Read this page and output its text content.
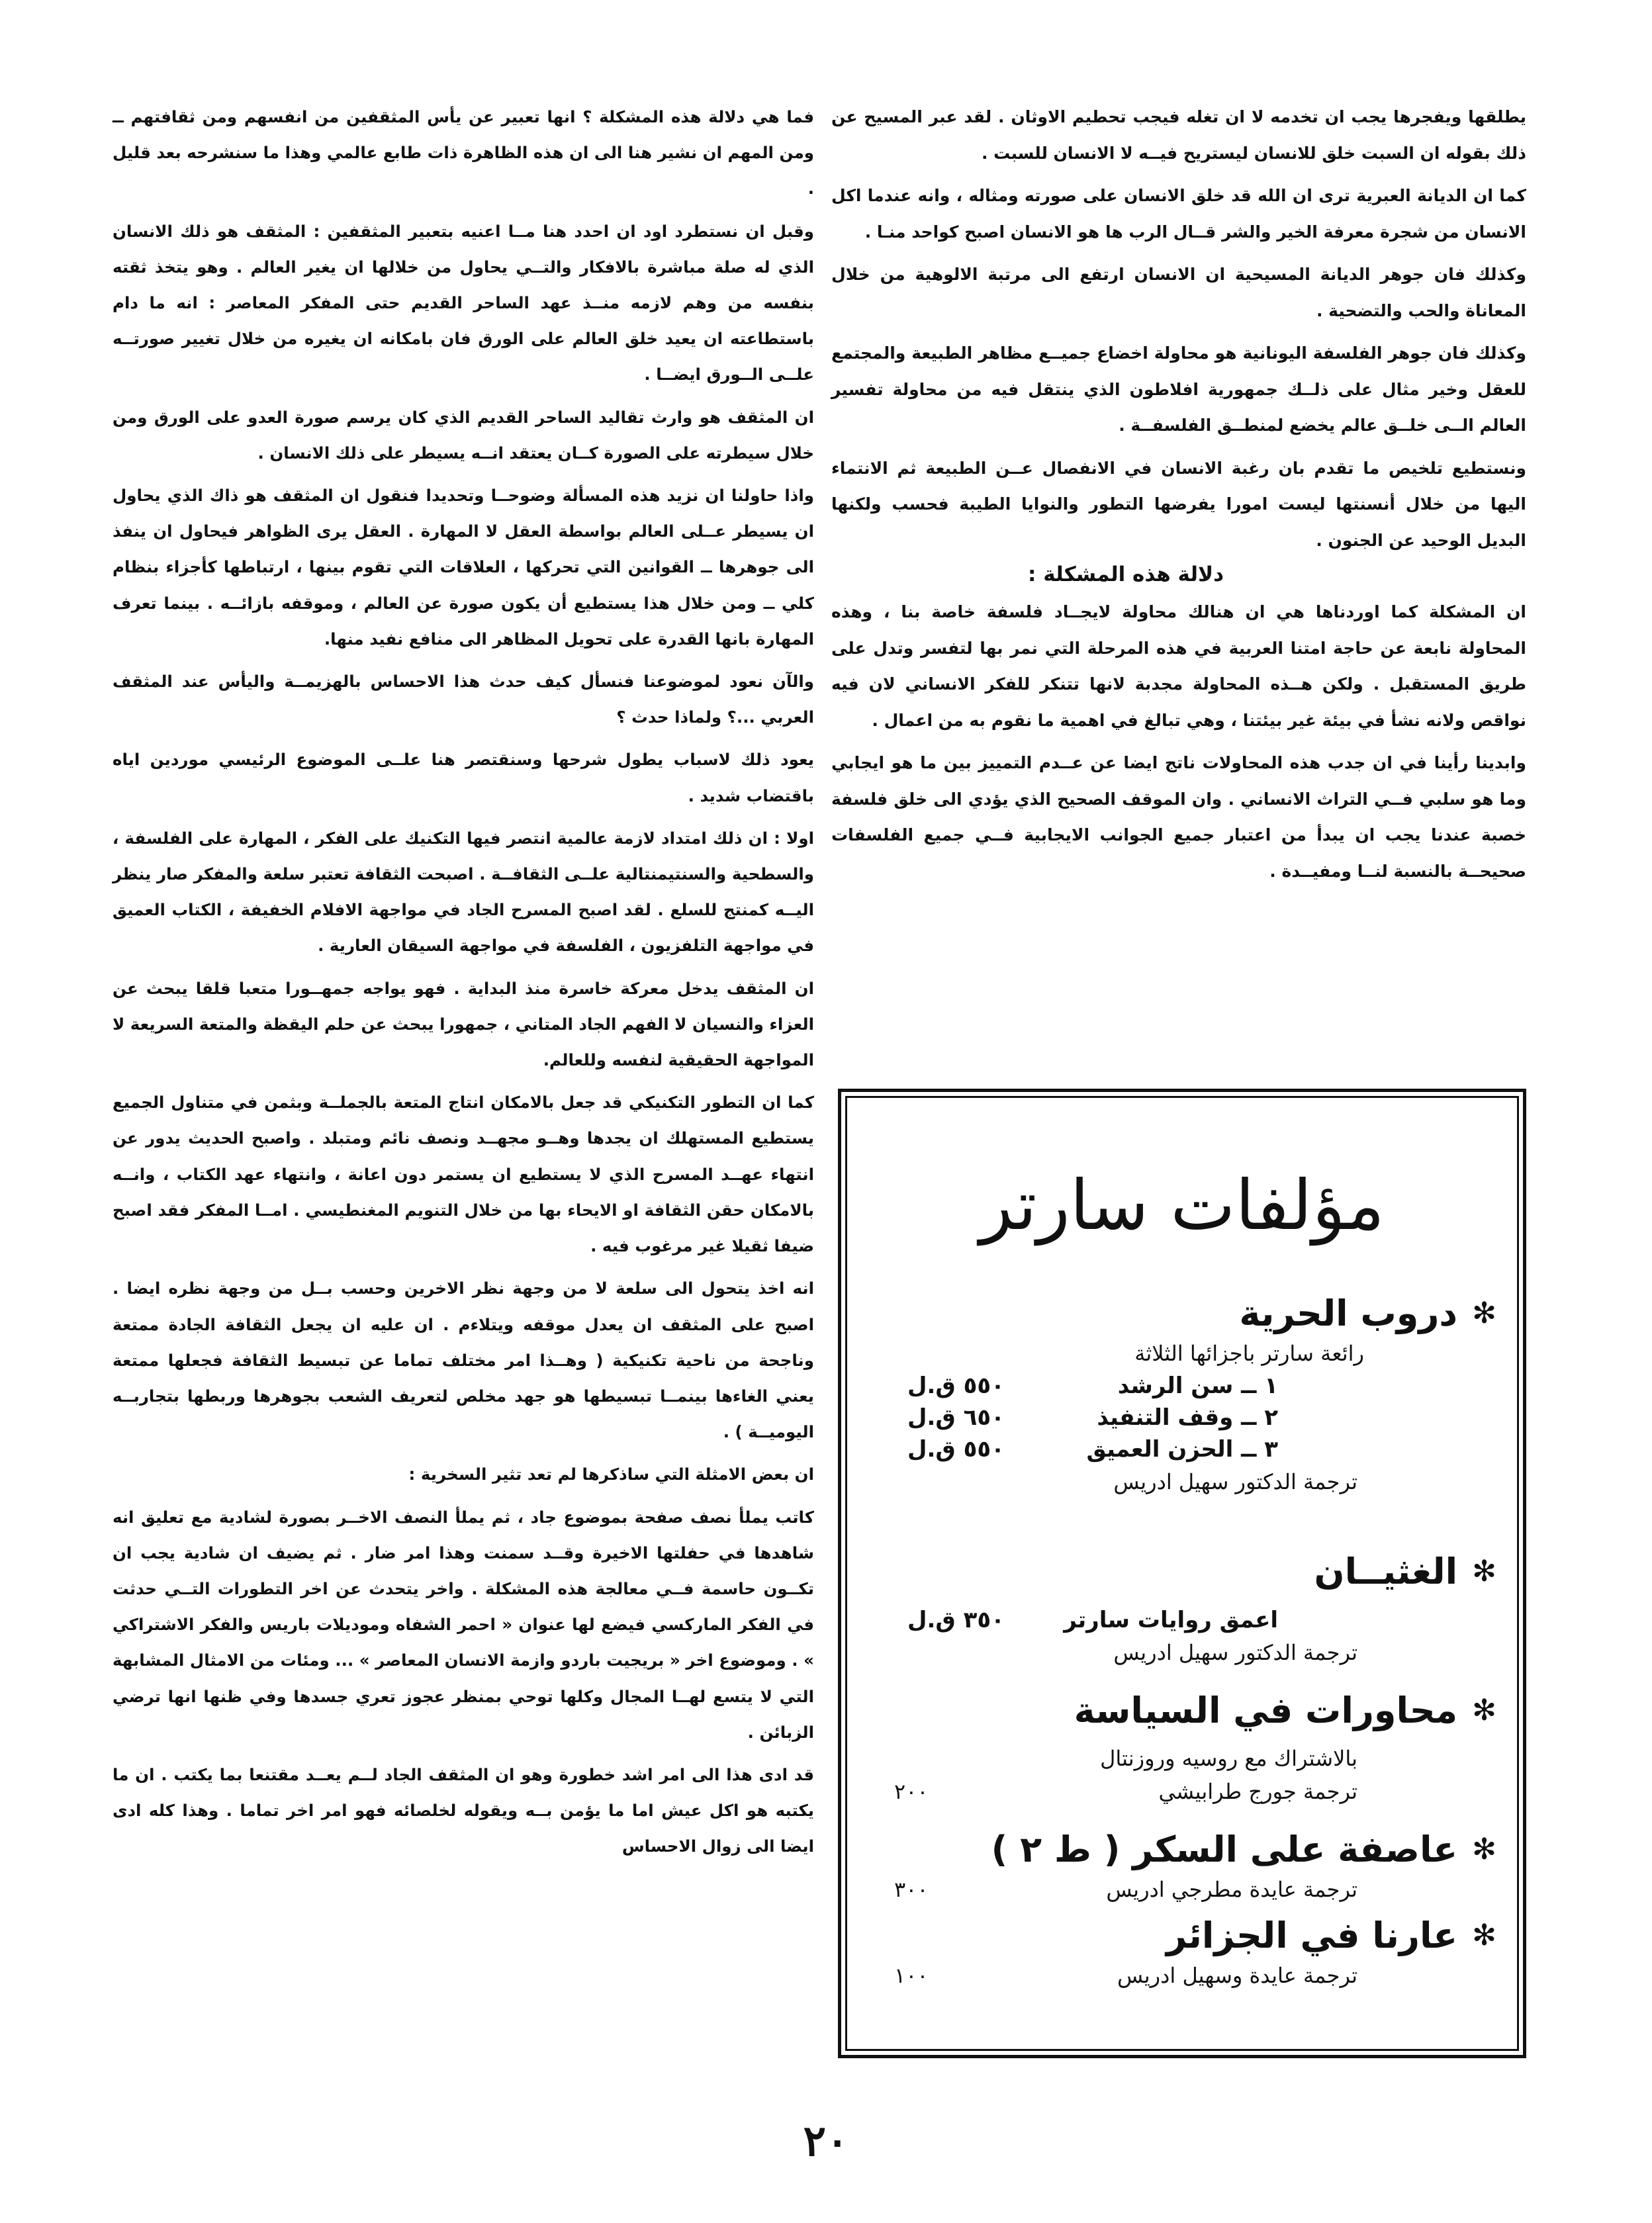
يطلقها ويفجرها يجب ان تخدمه لا ان تغله فيجب تحطيم الاوثان . لقد عبر المسيح عن ذلك بقوله ان السبت خلق للانسان ليستريح فيــه لا الانسان للسبت .

كما ان الديانة العبرية ترى ان الله قد خلق الانسان على صورته ومثاله ، وانه عندما اكل الانسان من شجرة معرفة الخير والشر قــال الرب ها هو الانسان اصبح كواحد منـا .

وكذلك فان جوهر الديانة المسيحية ان الانسان ارتفع الى مرتبة الالوهية من خلال المعاناة والحب والتضحية .

وكذلك فان جوهر الفلسفة اليونانية هو محاولة اخضاع جميــع مظاهر الطبيعة والمجتمع للعقل وخير مثال على ذلــك جمهورية افلاطون الذي ينتقل فيه من محاولة تفسير العالم الــى خلــق عالم يخضع لمنطــق الفلسفــة .

ونستطيع تلخيص ما تقدم بان رغبة الانسان في الانفصال عــن الطبيعة ثم الانتماء اليها من خلال أنسنتها ليست امورا يفرضها التطور والنوايا الطيبة فحسب ولكنها البديل الوحيد عن الجنون .

دلالة هذه المشكلة :

ان المشكلة كما اوردناها هي ان هنالك محاولة لايجــاد فلسفة خاصة بنا ، وهذه المحاولة نابعة عن حاجة امتنا العربية في هذه المرحلة التي نمر بها لتفسر وتدل على طريق المستقبل . ولكن هــذه المحاولة مجدبة لانها تتنكر للفكر الانساني لان فيه نواقص ولانه نشأ في بيئة غير بيئتنا ، وهي تبالغ في اهمية ما نقوم به من اعمال .

وابدينا رأينا في ان جدب هذه المحاولات ناتج ايضا عن عــدم التمييز بين ما هو ايجابي وما هو سلبي فــي التراث الانساني . وان الموقف الصحيح الذي يؤدي الى خلق فلسفة خصبة عندنا يجب ان يبدأ من اعتبار جميع الجوانب الايجابية فــي جميع الفلسفات صحيحــة بالنسبة لنــا ومفيــدة .

مؤلفات سارتر
✻
دروب الحرية
رائعة سارتر باجزائها الثلاثة
١ ــ سن الرشد
٥٥٠ ق.ل
٢ ــ وقف التنفيذ
٦٥٠ ق.ل
٣ ــ الحزن العميق
٥٥٠ ق.ل
ترجمة الدكتور سهيل ادريس
✻
الغثيــان
اعمق روايات سارتر
٣٥٠ ق.ل
ترجمة الدكتور سهيل ادريس
✻
محاورات في السياسة
بالاشتراك مع روسيه وروزنتال
ترجمة جورج طرابيشي
٢٠٠
✻
عاصفة على السكر ( ط ٢ )
ترجمة عايدة مطرجي ادريس
٣٠٠
✻
عارنا في الجزائر
ترجمة عايدة وسهيل ادريس
١٠٠

فما هي دلالة هذه المشكلة ؟ انها تعبير عن يأس المثقفين من انفسهم ومن ثقافتهم ــ ومن المهم ان نشير هنا الى ان هذه الظاهرة ذات طابع عالمي وهذا ما سنشرحه بعد قليل .

وقبل ان نستطرد اود ان احدد هنا مــا اعنيه بتعبير المثقفين : المثقف هو ذلك الانسان الذي له صلة مباشرة بالافكار والتــي يحاول من خلالها ان يغير العالم . وهو يتخذ ثقته بنفسه من وهم لازمه منــذ عهد الساحر القديم حتى المفكر المعاصر : انه ما دام باستطاعته ان يعيد خلق العالم على الورق فان بامكانه ان يغيره من خلال تغيير صورتــه علــى الــورق ايضــا .

ان المثقف هو وارث تقاليد الساحر القديم الذي كان يرسم صورة العدو على الورق ومن خلال سيطرته على الصورة كــان يعتقد انــه يسيطر على ذلك الانسان .

واذا حاولنا ان نزيد هذه المسألة وضوحــا وتحديدا فنقول ان المثقف هو ذاك الذي يحاول ان يسيطر عــلى العالم بواسطة العقل لا المهارة . العقل يرى الظواهر فيحاول ان ينفذ الى جوهرها ــ القوانين التي تحركها ، العلاقات التي تقوم بينها ، ارتباطها كأجزاء بنظام كلي ــ ومن خلال هذا يستطيع أن يكون صورة عن العالم ، وموقفه بازائــه . بينما تعرف المهارة بانها القدرة على تحويل المظاهر الى منافع نفيد منها.

والآن نعود لموضوعنا فنسأل كيف حدث هذا الاحساس بالهزيمــة واليأس عند المثقف العربي ...؟ ولماذا حدث ؟

يعود ذلك لاسباب يطول شرحها وسنقتصر هنا علــى الموضوع الرئيسي موردين اياه باقتضاب شديد .

اولا : ان ذلك امتداد لازمة عالمية انتصر فيها التكنيك على الفكر ، المهارة على الفلسفة ، والسطحية والسنتيمنتالية علــى الثقافــة . اصبحت الثقافة تعتبر سلعة والمفكر صار ينظر اليــه كمنتج للسلع . لقد اصبح المسرح الجاد في مواجهة الافلام الخفيفة ، الكتاب العميق في مواجهة التلفزيون ، الفلسفة في مواجهة السيقان العارية .

ان المثقف يدخل معركة خاسرة منذ البداية . فهو يواجه جمهــورا متعبا قلقا يبحث عن العزاء والنسيان لا الفهم الجاد المتاني ، جمهورا يبحث عن حلم اليقظة والمتعة السريعة لا المواجهة الحقيقية لنفسه وللعالم.

كما ان التطور التكنيكي قد جعل بالامكان انتاج المتعة بالجملــة وبثمن في متناول الجميع يستطيع المستهلك ان يجدها وهــو مجهــد ونصف نائم ومتبلد . واصبح الحديث يدور عن انتهاء عهــد المسرح الذي لا يستطيع ان يستمر دون اعانة ، وانتهاء عهد الكتاب ، وانــه بالامكان حقن الثقافة او الايحاء بها من خلال التنويم المغنطيسي . امــا المفكر فقد اصبح ضيفا ثقيلا غير مرغوب فيه .

انه اخذ يتحول الى سلعة لا من وجهة نظر الاخرين وحسب بــل من وجهة نظره ايضا . اصبح على المثقف ان يعدل موقفه ويتلاءم . ان عليه ان يجعل الثقافة الجادة ممتعة وناجحة من ناحية تكنيكية ( وهــذا امر مختلف تماما عن تبسيط الثقافة فجعلها ممتعة يعني الغاءها بينمــا تبسيطها هو جهد مخلص لتعريف الشعب بجوهرها وربطها بتجاربــه اليوميــة ) .

ان بعض الامثلة التي ساذكرها لم تعد تثير السخرية :

كاتب يملأ نصف صفحة بموضوع جاد ، ثم يملأ النصف الاخــر بصورة لشادية مع تعليق انه شاهدها في حفلتها الاخيرة وقــد سمنت وهذا امر ضار . ثم يضيف ان شادية يجب ان تكــون حاسمة فــي معالجة هذه المشكلة . واخر يتحدث عن اخر التطورات التــي حدثت في الفكر الماركسي فيضع لها عنوان « احمر الشفاه وموديلات باريس والفكر الاشتراكي » . وموضوع اخر « بريجيت باردو وازمة الانسان المعاصر » ... ومئات من الامثال المشابهة التي لا يتسع لهــا المجال وكلها توحي بمنظر عجوز تعري جسدها وفي ظنها انها ترضي الزبائن .

قد ادى هذا الى امر اشد خطورة وهو ان المثقف الجاد لــم يعــد مقتنعا بما يكتب . ان ما يكتبه هو اكل عيش اما ما يؤمن بــه ويقوله لخلصائه فهو امر اخر تماما . وهذا كله ادى ايضا الى زوال الاحساس

٢٠
